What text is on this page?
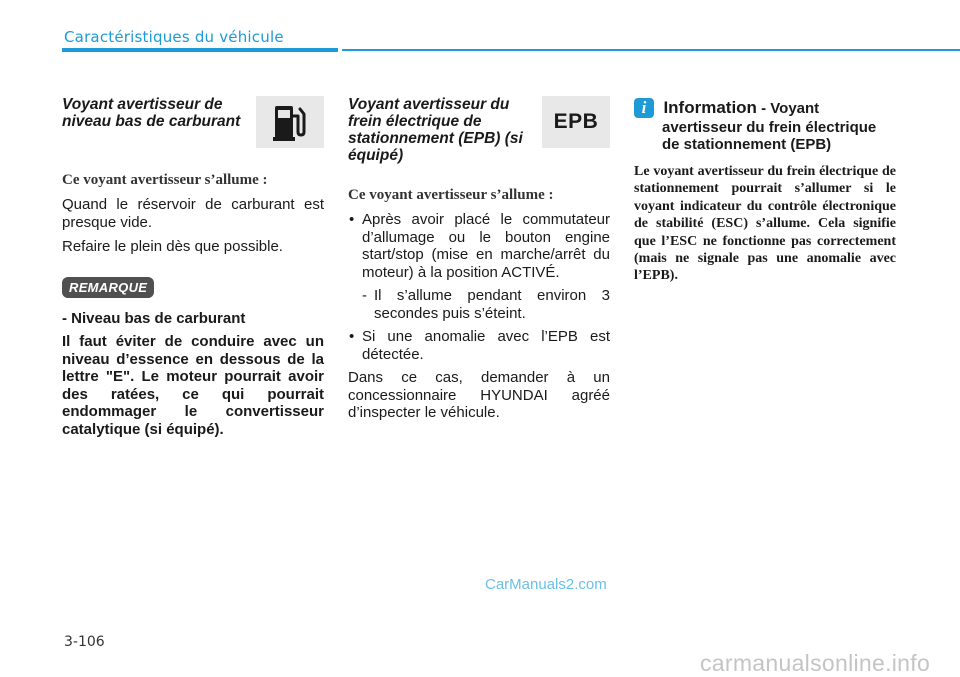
Caractéristiques du véhicule
Voyant avertisseur de niveau bas de carburant
Ce voyant avertisseur s’allume :
Quand le réservoir de carburant est presque vide.
Refaire le plein dès que possible.
REMARQUE
- Niveau bas de carburant
Il faut éviter de conduire avec un niveau d’essence en dessous de la lettre "E". Le moteur pourrait avoir des ratées, ce qui pourrait endommager le convertisseur catalytique (si équipé).
Voyant avertisseur du frein électrique de stationnement (EPB) (si équipé)
EPB
Ce voyant avertisseur s’allume :
• Après avoir placé le commutateur d’allumage ou le bouton engine start/stop (mise en marche/arrêt du moteur) à la position ACTIVÉ.
- Il s’allume pendant environ 3 secondes puis s’éteint.
• Si une anomalie avec l’EPB est détectée.
Dans ce cas, demander à un concessionnaire HYUNDAI agréé d’inspecter le véhicule.
i Information - Voyant
avertisseur du frein électrique de stationnement (EPB)
Le voyant avertisseur du frein électrique de stationnement pourrait s’allumer si le voyant indicateur du contrôle électronique de stabilité (ESC) s’allume. Cela signifie que l’ESC ne fonctionne pas correctement (mais ne signale pas une anomalie avec l’EPB).
CarManuals2.com
3-106
carmanualsonline.info
